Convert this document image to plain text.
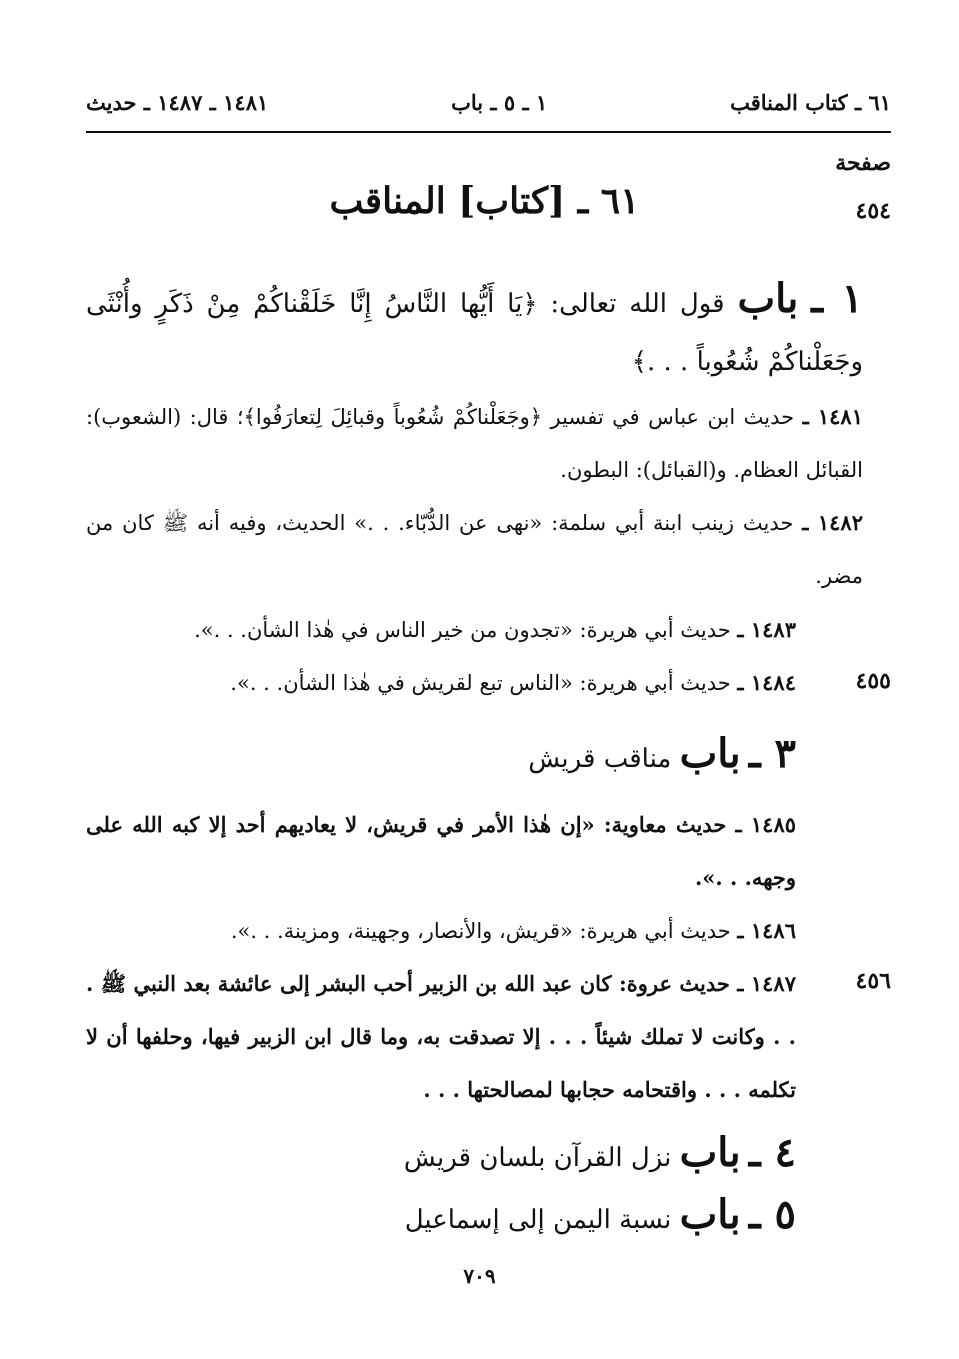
٦١ ـ كتاب المناقب
١ ـ ٥ ـ باب
١٤٨١ ـ ١٤٨٧ ـ حديث
صفحة
٤٥٤
٤٥٥
٤٥٦
٦١ ـ [كتاب] المناقب
١ ـ باب قول الله تعالى: ﴿يَا أَيُّها النَّاسُ إِنَّا خَلَقْناكُمْ مِنْ ذَكَرٍ وأُنْثَى وجَعَلْناكُمْ شُعُوباً . . .﴾
١٤٨١ ـ حديث ابن عباس في تفسير ﴿وجَعَلْناكُمْ شُعُوباً وقبائِلَ لِتعارَفُوا﴾؛ قال: (الشعوب): القبائل العظام. و(القبائل): البطون.
١٤٨٢ ـ حديث زينب ابنة أبي سلمة: «نهى عن الدُّبّاء. . .» الحديث، وفيه أنه ﷺ كان من مضر.
١٤٨٣ ـ حديث أبي هريرة: «تجدون من خير الناس في هٰذا الشأن. . .».
١٤٨٤ ـ حديث أبي هريرة: «الناس تبع لقريش في هٰذا الشأن. . .».
٣ ـ باب مناقب قريش
١٤٨٥ ـ حديث معاوية: «إن هٰذا الأمر في قريش، لا يعاديهم أحد إلا كبه الله على وجهه. . .».
١٤٨٦ ـ حديث أبي هريرة: «قريش، والأنصار، وجهينة، ومزينة. . .».
١٤٨٧ ـ حديث عروة: كان عبد الله بن الزبير أحب البشر إلى عائشة بعد النبي ﷺ . . . وكانت لا تملك شيئاً . . . إلا تصدقت به، وما قال ابن الزبير فيها، وحلفها أن لا تكلمه . . . واقتحامه حجابها لمصالحتها . . .
٤ ـ باب نزل القرآن بلسان قريش
٥ ـ باب نسبة اليمن إلى إسماعيل
٧٠٩
